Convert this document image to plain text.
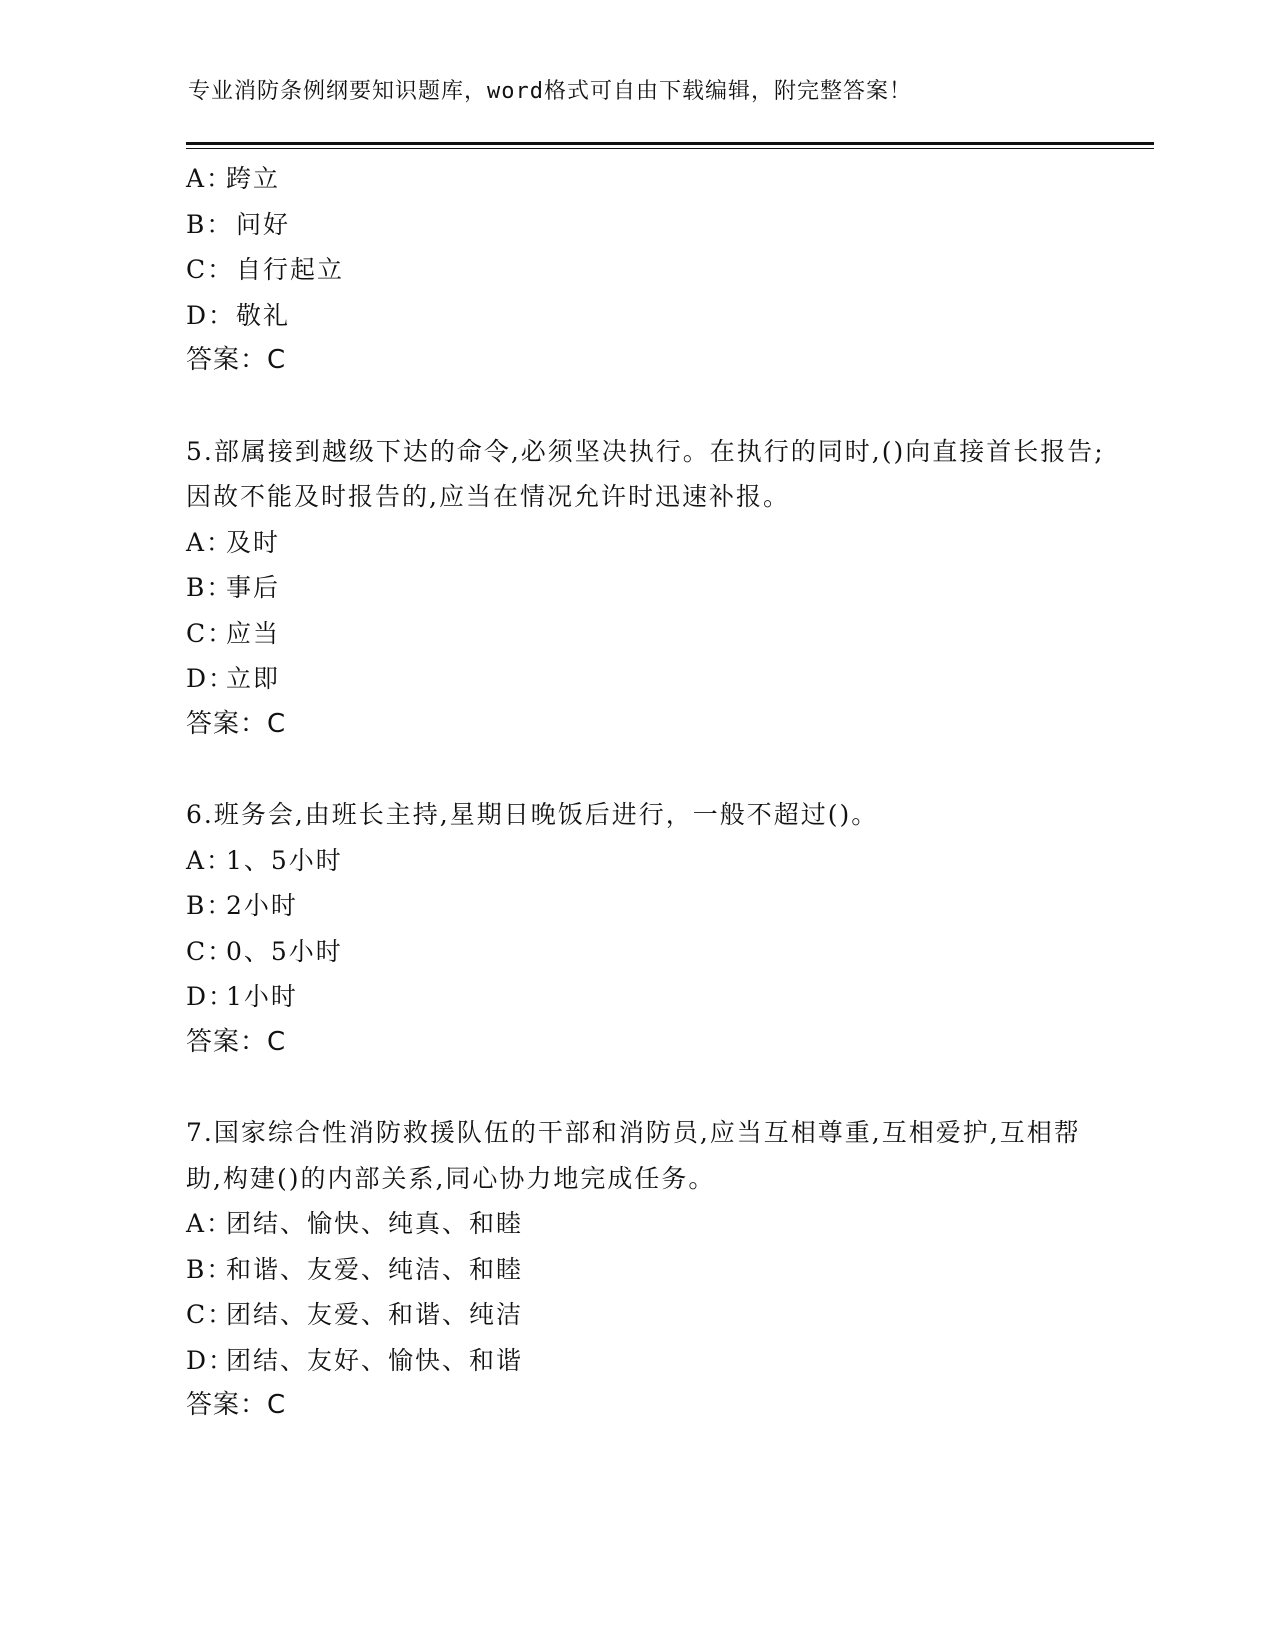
专业消防条例纲要知识题库，word格式可自由下载编辑，附完整答案！
A：跨立
B： 问好
C： 自行起立
D： 敬礼
答案：C
5.部属接到越级下达的命令,必须坚决执行。在执行的同时,()向直接首长报告;因故不能及时报告的,应当在情况允许时迅速补报。
A：及时
B：事后
C：应当
D：立即
答案：C
6.班务会,由班长主持,星期日晚饭后进行，一般不超过()。
A：1、5小时
B：2小时
C：0、5小时
D：1小时
答案：C
7.国家综合性消防救援队伍的干部和消防员,应当互相尊重,互相爱护,互相帮助,构建()的内部关系,同心协力地完成任务。
A：团结、愉快、纯真、和睦
B：和谐、友爱、纯洁、和睦
C：团结、友爱、和谐、纯洁
D：团结、友好、愉快、和谐
答案：C
